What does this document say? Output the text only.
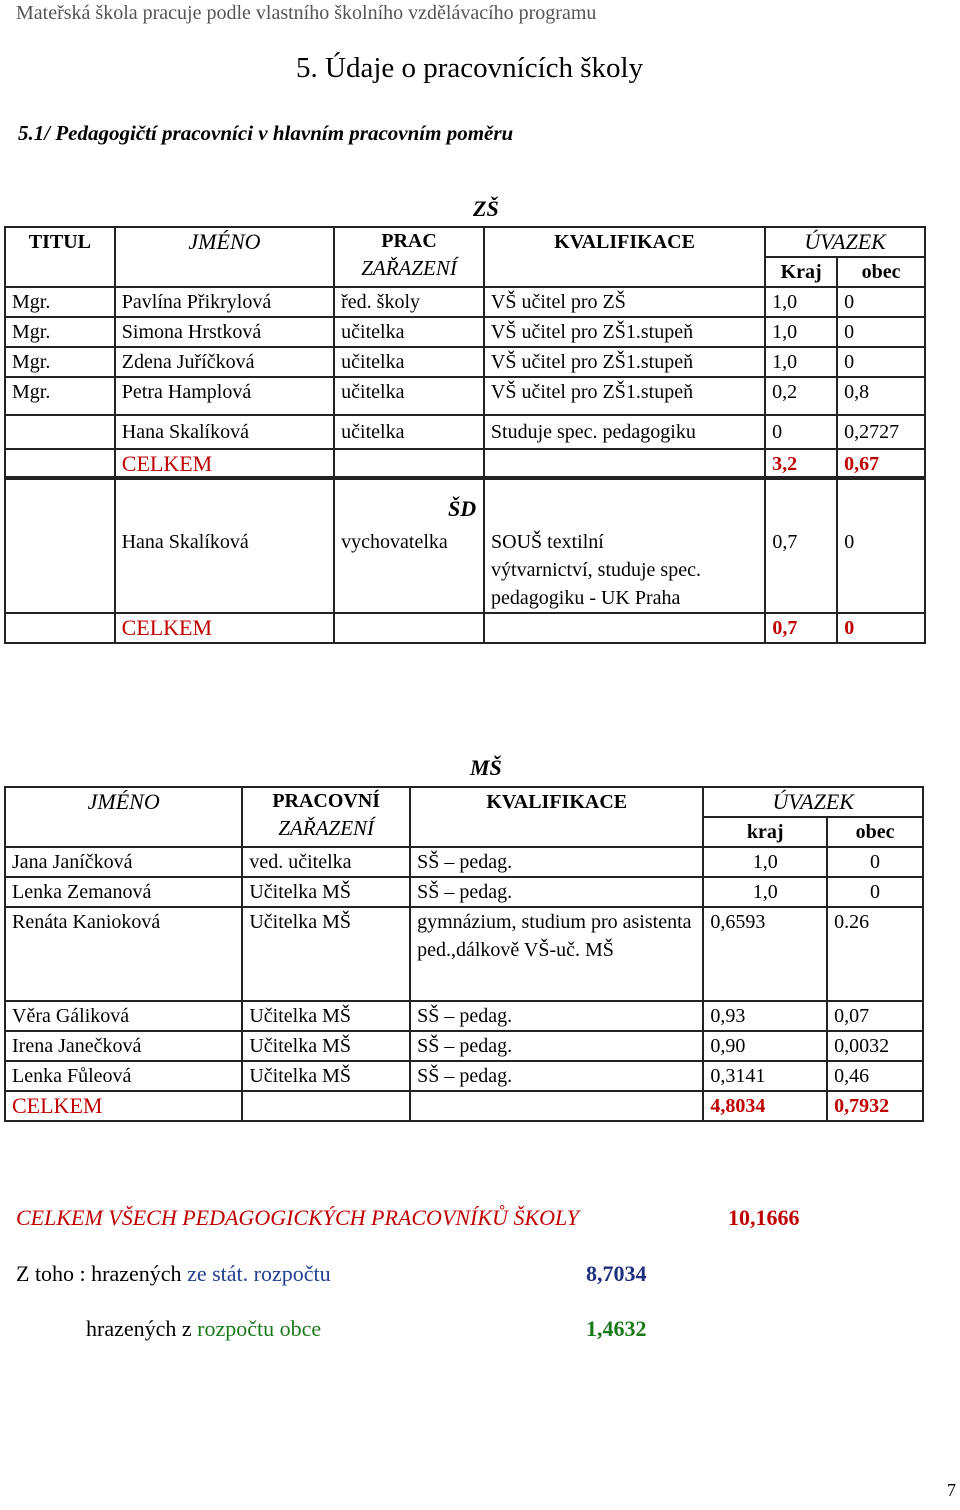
Mateřská škola pracuje podle vlastního školního vzdělávacího programu
5. Údaje o pracovnících školy
5.1/ Pedagogičtí pracovníci v hlavním pracovním poměru
ZŠ
TITUL	JMÉNO	PRAC
ZAŘAZENÍ	KVALIFIKACE	ÚVAZEK	
				Kraj	obec
Mgr.	Pavlína Přikrylová	řed. školy	VŠ učitel pro ZŠ	1,0	0
Mgr.	Simona Hrstková	učitelka	VŠ učitel pro ZŠ1.stupeň	1,0	0
Mgr.	Zdena Juříčková	učitelka	VŠ učitel pro ZŠ1.stupeň	1,0	0
Mgr.	Petra Hamplová	učitelka	VŠ učitel pro ZŠ1.stupeň	0,2	0,8
	Hana Skalíková	učitelka	Studuje spec. pedagogiku	0	0,2727
	CELKEM			3,2	0,67
	Hana Skalíková	vychovatelka	SOUŠ textilní
výtvarnictví, studuje spec.
pedagogiku - UK Praha	0,7	0
	CELKEM			0,7	0
ŠD
MŠ
JMÉNO	PRACOVNÍ
ZAŘAZENÍ	KVALIFIKACE	ÚVAZEK	
			kraj	obec
Jana Janíčková	ved. učitelka	SŠ – pedag.	1,0	0
Lenka Zemanová	Učitelka MŠ	SŠ – pedag.	1,0	0
Renáta Kanioková	Učitelka MŠ	gymnázium, studium pro asistenta ped.,dálkově VŠ-uč. MŠ	0,6593	0.26
Věra Gáliková	Učitelka MŠ	SŠ – pedag.	0,93	0,07
Irena Janečková	Učitelka MŠ	SŠ – pedag.	0,90	0,0032
Lenka Fůleová	Učitelka MŠ	SŠ – pedag.	0,3141	0,46
CELKEM			4,8034	0,7932
CELKEM VŠECH PEDAGOGICKÝCH PRACOVNÍKŮ ŠKOLY	10,1666
Z toho : hrazených ze stát. rozpočtu	8,7034
hrazených z rozpočtu obce	1,4632
7
